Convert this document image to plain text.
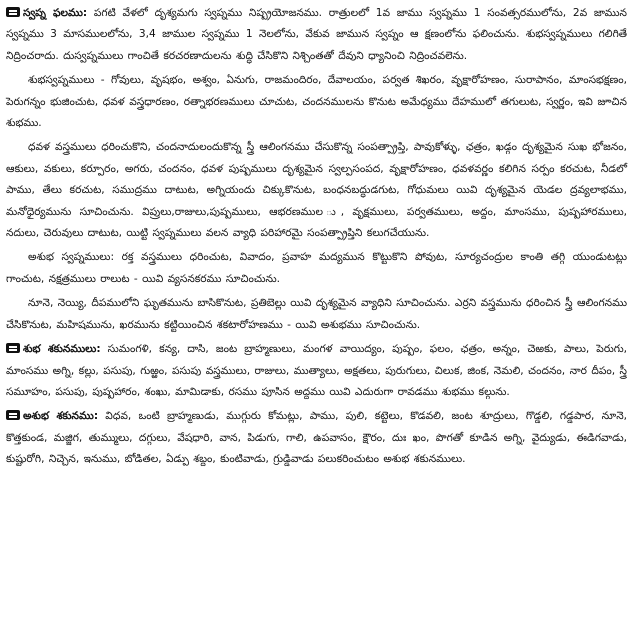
స్వప్న ఫలము: పగటి వేళలో దృశ్యమగు స్వప్నము నిష్ప్రయోజనము. రాత్రులలో 1వ జాము స్వప్నము 1 సంవత్సరములోను, 2వ జామున స్వప్నము 3 మాసములలోను, 3,4 జాముల స్వప్నము 1 నెలలోను, వేకువ జామున స్వప్నం ఆ క్షణంలోను ఫలించును. శుభస్వప్నములు గలిగితే నిద్రించరాదు. దుస్వప్నములు గాంచితే కరచరణాదులను శుద్ధి చేసికొని నిశ్చింతతో దేవుని ధ్యానించి నిద్రించవలెను.

శుభస్వప్నములు - గోవులు, వృషభం, అశ్వం, ఏనుగు, రాజమందిరం, దేవాలయం, పర్వత శిఖరం, వృక్షారోహణం, సురాపానం, మాంసభక్షణం, పెరుగన్నం భుజించుట, ధవళ వస్త్రధారణం, రత్నాభరణములు చూచుట, చందనములను కొనుట అమేధ్యము దేహములో తగులుట, స్వర్ణం, ఇవి జూచిన శుభము.

ధవళ వస్త్రములు ధరించుకొని, చందనాదులందుకొన్న స్త్రీ ఆలింగనము చేసుకొన్న సంపత్ప్రాప్తి, పావుకోళ్ళు, ఛత్రం, ఖడ్గం దృశ్యమైన సుఖ భోజనం, ఆకులు, వకులు, కర్పూరం, అగరు, చందనం, ధవళ పుష్పములు దృశ్యమైన స్వల్పసంపద, వృక్షారోహణం, ధవళవర్ణం కలిగిన సర్పం కరచుట, నీడలో పాము, తేలు కరచుట, సముద్రము దాటుట, అగ్నియందు చిక్కుకొనుట, బంధనబద్ధుడగుట, గోధుమలు యివి దృశ్యమైన యెడల ద్రవ్యలాభము, మనోధైర్యమును సూచించును. విప్రులు,రాజులు,పుష్పములు, ఆభరణముల ు, వృక్షములు, పర్వతములు, అద్దం, మాంసము, పుష్పహారములు, నదులు, చెరువులు దాటుట, యిట్టి స్వప్నములు వలన వ్యాధి పరిహారమై సంపత్ప్రాప్తిని కలుగచేయును.

అశుభ స్వప్నములు: రక్త వస్త్రములు ధరించుట, వివాదం, ప్రవాహ మద్యమున కొట్టుకొని పోవుట, సూర్యచంద్రుల కాంతి తగ్గి యుండుటట్లు గాంచుట, నక్షత్రములు రాలుట - యివి వ్యసనకరము సూచించును.

నూనె, నెయ్యి, దీపములోని ఘృతమును బాసికొనుట, ప్రతిబెల్లు యివి దృశ్యమైన వ్యాధిని సూచించును. ఎర్రని వస్త్రమును ధరించిన స్త్రీ ఆలింగనము చేసికొనుట, మహిషమును, ఖరమును కట్టియించిన శకటారోహణము - యివి అశుభము సూచించును.

శుభ శకునములు: సుమంగళి, కన్య, దాసి, జంట బ్రాహ్మణులు, మంగళ వాయిద్యం, పుష్పం, ఫలం, ఛత్రం, అన్నం, చెఱకు, పాలు, పెరుగు, మాంసము అగ్ని, కల్లు, పసుపు, గుఱ్ఱం, పసుపు వస్త్రములు, రాజులు, ముత్యాలు, అక్షతలు, పురుగులు, చిలుక, జింక, నెమలి, చందనం, నార దీపం, స్త్రీ సమూహం, పసుపు, పుష్పహారం, శంఖు, మామిడాకు, రసము పూసిన అద్దము యివి ఎదురుగా రావడము శుభము కల్గును.

అశుభ శకునము: విధవ, ఒంటి బ్రాహ్మణుడు, ముగ్గురు కోమట్లు, పాము, పులి, కట్టెలు, కొడవలి, జంట శూద్రులు, గొడ్డలి, గడ్డపార, నూనె, కొత్తకుండ, మజ్జిగ, తుమ్ములు, దగ్గులు, వేషధారి, వాన, పిడుగు, గాలి, ఉపవాసం, క్షౌరం, దుః ఖం, పొగతో కూడిన అగ్ని, వైద్యుడు, ఈడిగవాడు, కుష్టురోగి, నిచ్చెన, ఇనుము, బోడితల, ఏడ్పు శబ్దం, కుంటివాడు, గ్రుడ్డివాడు పలుకరించుటం అశుభ శకునములు.
